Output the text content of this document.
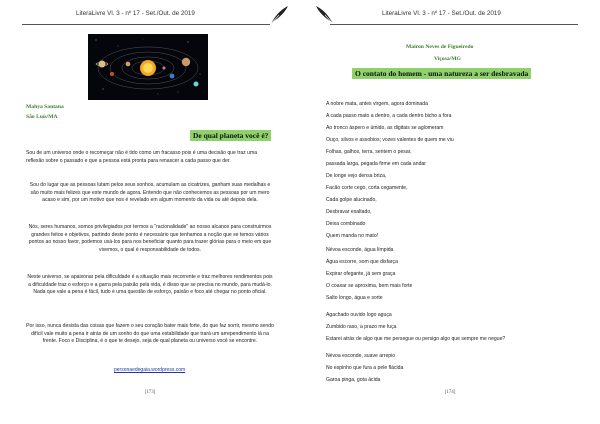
LiteraLivre Vl. 3 - nº 17 - Set./Out. de 2019
Mahya Santana
São Luís/MA
De qual planeta você é?
Sou de um universo onde o recomeçar não é tido como um fracasso pois é uma decisão que traz uma reflexão sobre o passado e que a pessoa está pronta para renascer a cada passo que der.
Sou do lugar que as pessoas lutam pelos seus sonhos, acumulam as cicatrizes, ganham suas medalhas e são muito mais felizes que este mundo de agora. Entendo que não conhecemos as pessoas por um mero acaso e sim, por um motivo que nos é revelado em algum momento da vida ou até depois dela.
Nós, seres humanos, somos privilegiados por termos a "racionalidade" ao nosso alcance para construirmos grandes feitos e objetivos, partindo deste ponto é necessário que tenhamos a noção que se temos vários pontos ao nosso favor, podemos usá-los para nos beneficiar quanto para trazer glórias para o meio em que vivemos, o qual é responsabilidade de todos.
Neste universo, se apaixonar pela dificuldade é a situação mais recorrente e traz melhores rendimentos pois a dificuldade traz o esforço e a garra pela paixão pela vida, é disso que se precisa no mundo, para mudá-lo. Nada que vale a pena é fácil, tudo é uma questão de esforço, paixão e foco até chegar no ponto oficial.
Por isso, nunca desista das coisas que fazem o seu coração bater mais forte, do que faz sorrir, mesmo sendo difícil vale muito a pena ir atrás de um sonho do que uma estabilidade que trará um arrependimento lá na frente. Foco e Disciplina, é o que te desejo, seja de qual planeta ou universo você se encontre.
personaedegaia.wordpress.com
[173]
LiteraLivre Vl. 3 - nº 17 - Set./Out. de 2019
Mairon Neves de Figueiredo
Viçosa/MG
O contato do homem - uma natureza a ser desbravada
[174]
A nobre mata, antes virgem, agora dominada
A cada passo mato a dentro, a cada dentro bicho a fora
Ao tronco áspero e úmido, as digitais se aglomeram
Ouço, silvos e assobios; vozes valentes de quem me viu
Folhas, galhos, terra, sentem o pesar,
passada larga, pegada firme em cada andar
De longe vejo densa briza,
Facão corte cego, corta cegamente,
Cada golpe alucinado,
Desbravar exaltado,
Deixa combinado
Quem manda no mato!
Névoa esconde, água límpida
Água escorre, som que disfarça
Expirar ofegante, já sem graça
O coaxar se aproxima, bem mais forte
Salto longo, água e sorte
Agachado ouvido logo aguça
Zumbido raso, a prazo me fuça
Estarei atrás de algo que me persegue ou persigo algo que sempre me negue?
Névoa esconde, suave arrepio
No espinho que fura a pele flácida
Garoa pinga, gota ácida
